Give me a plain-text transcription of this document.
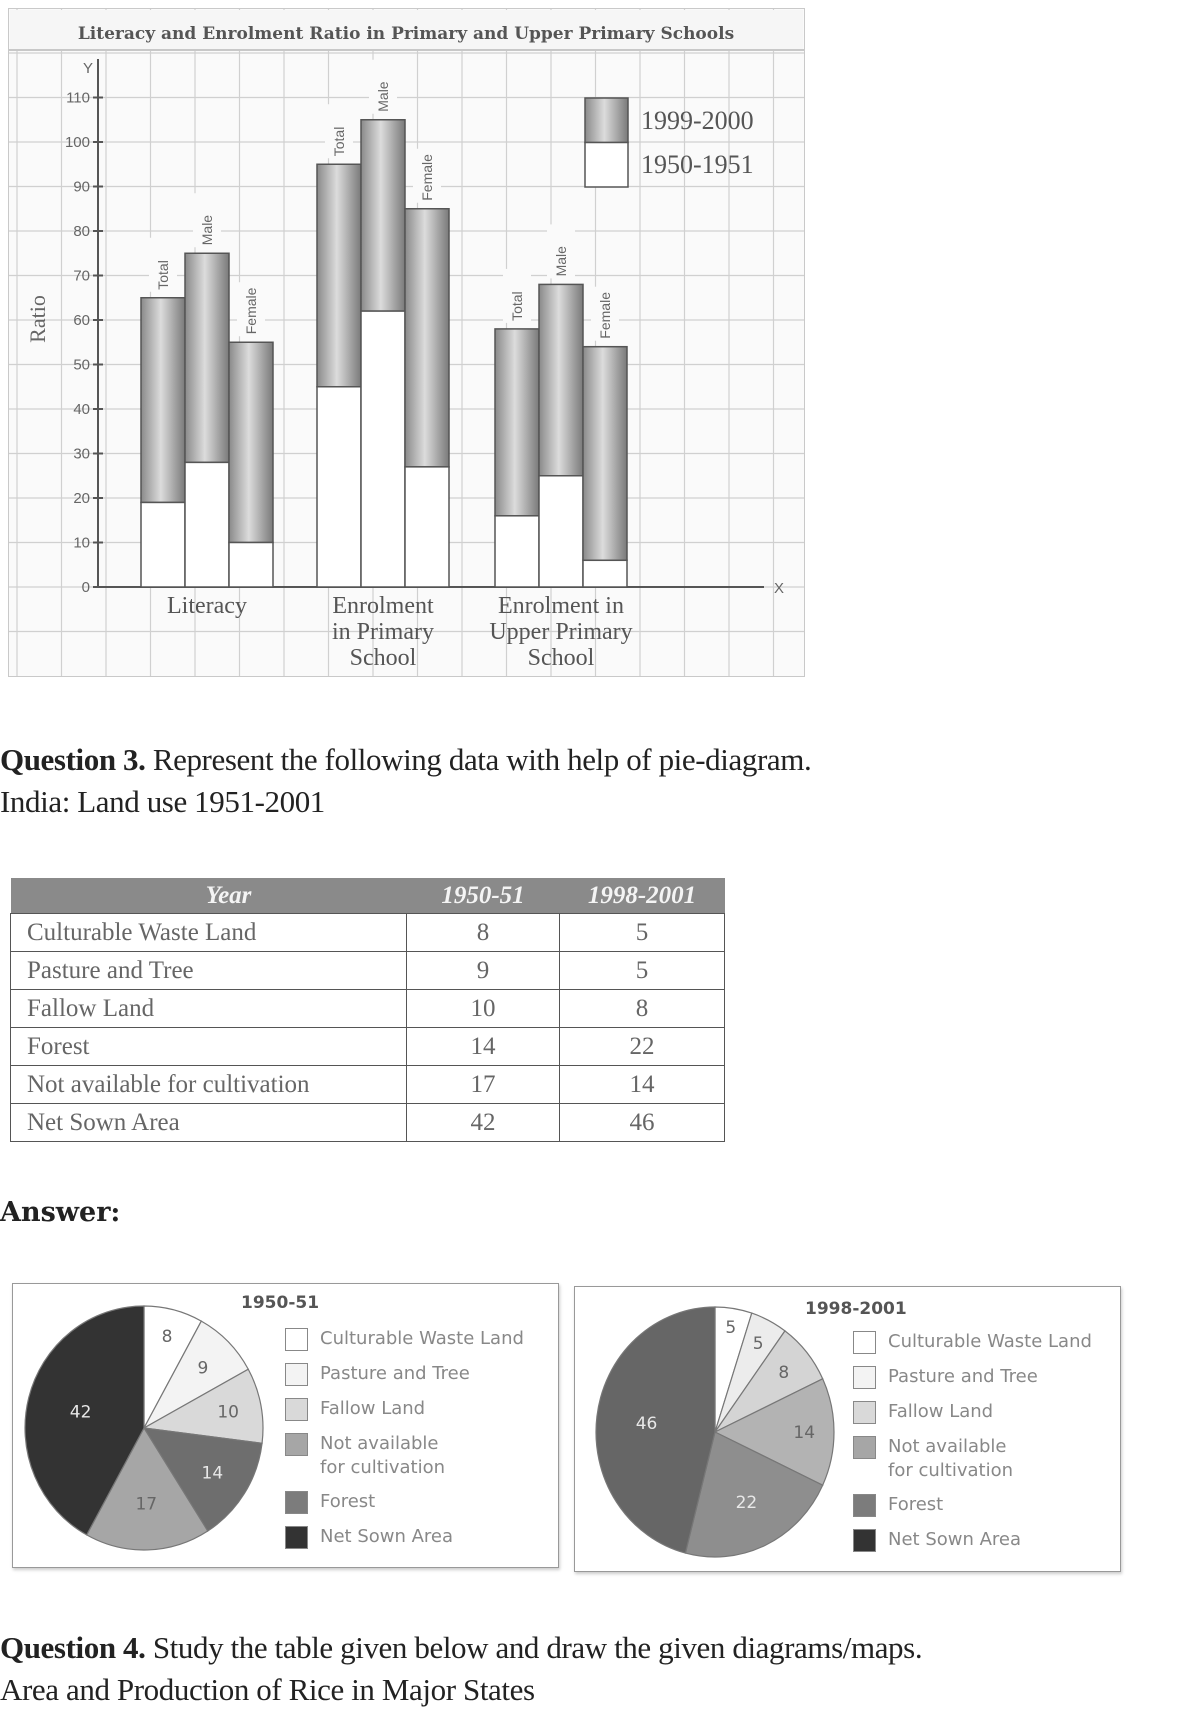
Literacy and Enrolment Ratio in Primary and Upper Primary Schools
Y
X
0
10
20
30
40
50
60
70
80
90
100
110
Ratio
Total
Male
Female
Literacy
Total
Male
Female
Enrolment
in Primary
School
Total
Male
Female
Enrolment in
Upper Primary
School
1999-2000
1950-1951
Question 3. Represent the following data with help of pie-diagram.
India: Land use 1951-2001
Year	1950-51	1998-2001
Culturable Waste Land	8	5
Pasture and Tree	9	5
Fallow Land	10	8
Forest	14	22
Not available for cultivation	17	14
Net Sown Area	42	46
Answer:
1950-51
8
9
10
14
17
42
Culturable Waste Land
Pasture and Tree
Fallow Land
Not available
for cultivation
Forest
Net Sown Area
1998-2001
5
5
8
14
22
46
Culturable Waste Land
Pasture and Tree
Fallow Land
Not available
for cultivation
Forest
Net Sown Area
Question 4. Study the table given below and draw the given diagrams/maps.
Area and Production of Rice in Major States
